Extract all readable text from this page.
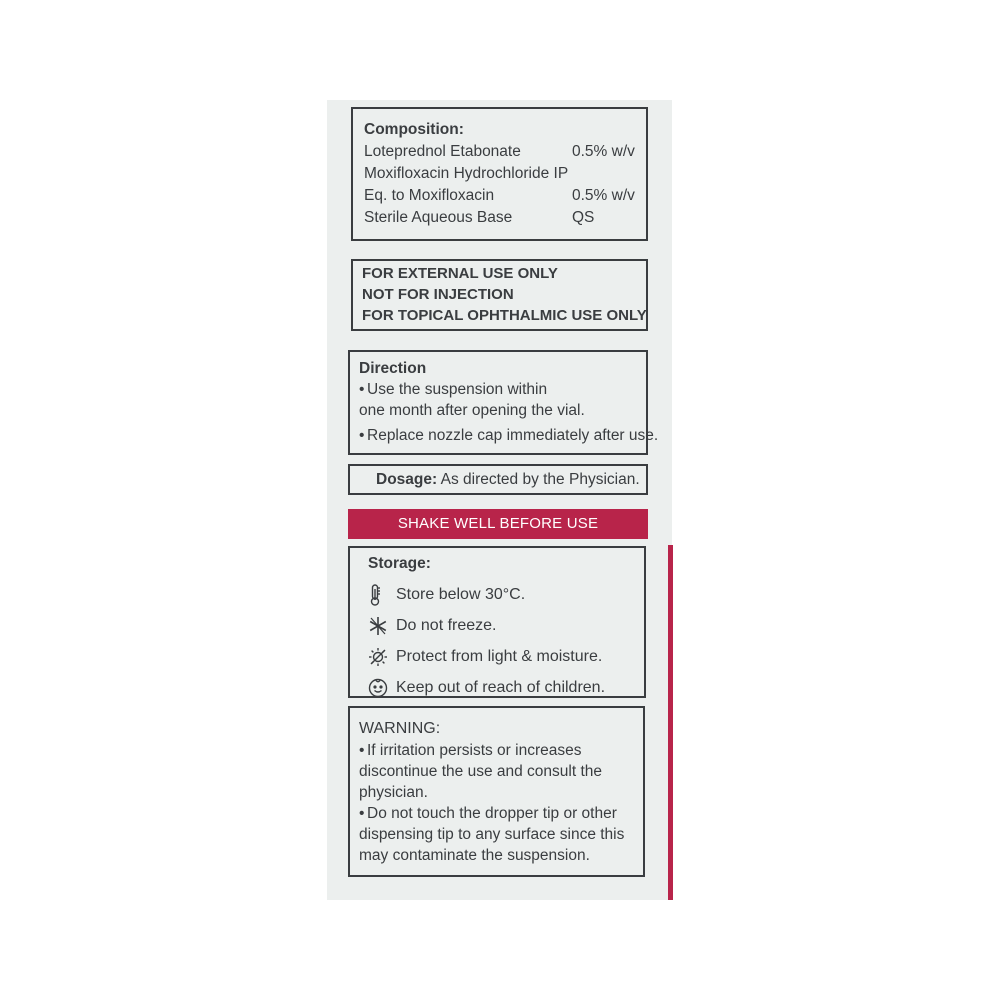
Composition:
Loteprednol Etabonate	0.5% w/v
Moxifloxacin Hydrochloride IP
Eq. to Moxifloxacin	0.5% w/v
Sterile Aqueous Base	QS
FOR EXTERNAL USE ONLY
NOT FOR INJECTION
FOR TOPICAL OPHTHALMIC USE ONLY
Direction
• Use the suspension within
one month after opening the vial.
• Replace nozzle cap immediately after use.
Dosage: As directed by the Physician.
SHAKE WELL BEFORE USE
Storage:
Store below 30°C.
Do not freeze.
Protect from light & moisture.
Keep out of reach of children.
WARNING:
• If irritation persists or increases
discontinue the use and consult the
physician.
• Do not touch the dropper tip or other
dispensing tip to any surface since this
may contaminate the suspension.
